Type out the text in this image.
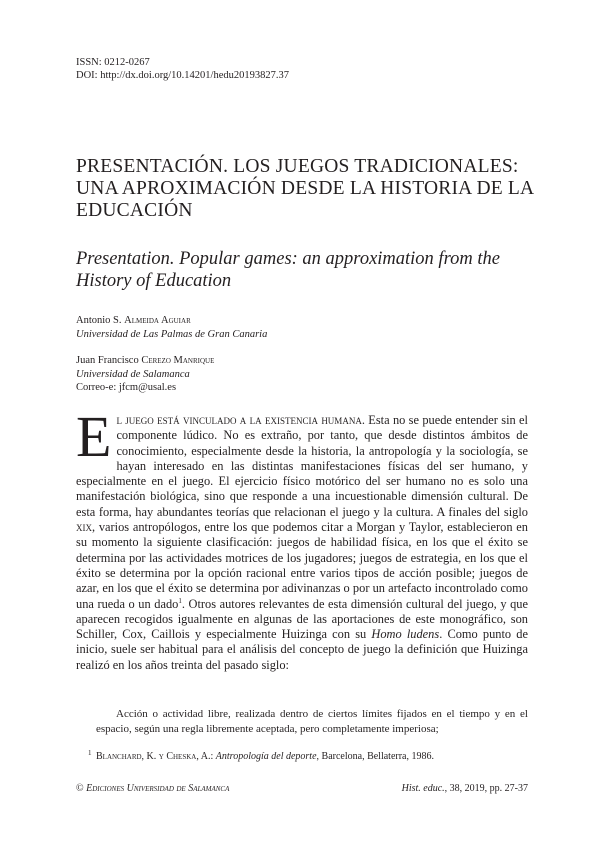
ISSN: 0212-0267
DOI: http://dx.doi.org/10.14201/hedu20193827.37
PRESENTACIÓN. LOS JUEGOS TRADICIONALES: UNA APROXIMACIÓN DESDE LA HISTORIA DE LA EDUCACIÓN
Presentation. Popular games: an approximation from the History of Education
Antonio S. Almeida Aguiar
Universidad de Las Palmas de Gran Canaria
Juan Francisco Cerezo Manrique
Universidad de Salamanca
Correo-e: jfcm@usal.es
El juego está vinculado a la existencia humana. Esta no se puede entender sin el componente lúdico. No es extraño, por tanto, que desde distintos ámbitos de conocimiento, especialmente desde la historia, la antropología y la sociología, se hayan interesado en las distintas manifestaciones físicas del ser humano, y especialmente en el juego. El ejercicio físico motórico del ser humano no es solo una manifestación biológica, sino que responde a una incuestionable dimensión cultural. De esta forma, hay abundantes teorías que relacionan el juego y la cultura. A finales del siglo xix, varios antropólogos, entre los que podemos citar a Morgan y Taylor, establecieron en su momento la siguiente clasificación: juegos de habilidad física, en los que el éxito se determina por las actividades motrices de los jugadores; juegos de estrategia, en los que el éxito se determina por la opción racional entre varios tipos de acción posible; juegos de azar, en los que el éxito se determina por adivinanzas o por un artefacto incontrolado como una rueda o un dado$^1$. Otros autores relevantes de esta dimensión cultural del juego, y que aparecen recogidos igualmente en algunas de las aportaciones de este monográfico, son Schiller, Cox, Caillois y especialmente Huizinga con su Homo ludens. Como punto de inicio, suele ser habitual para el análisis del concepto de juego la definición que Huizinga realizó en los años treinta del pasado siglo:
Acción o actividad libre, realizada dentro de ciertos límites fijados en el tiempo y en el espacio, según una regla libremente aceptada, pero completamente imperiosa;
1 Blanchard, K. y Cheska, A.: Antropología del deporte, Barcelona, Bellaterra, 1986.
© Ediciones Universidad de Salamanca	Hist. educ., 38, 2019, pp. 27-37
